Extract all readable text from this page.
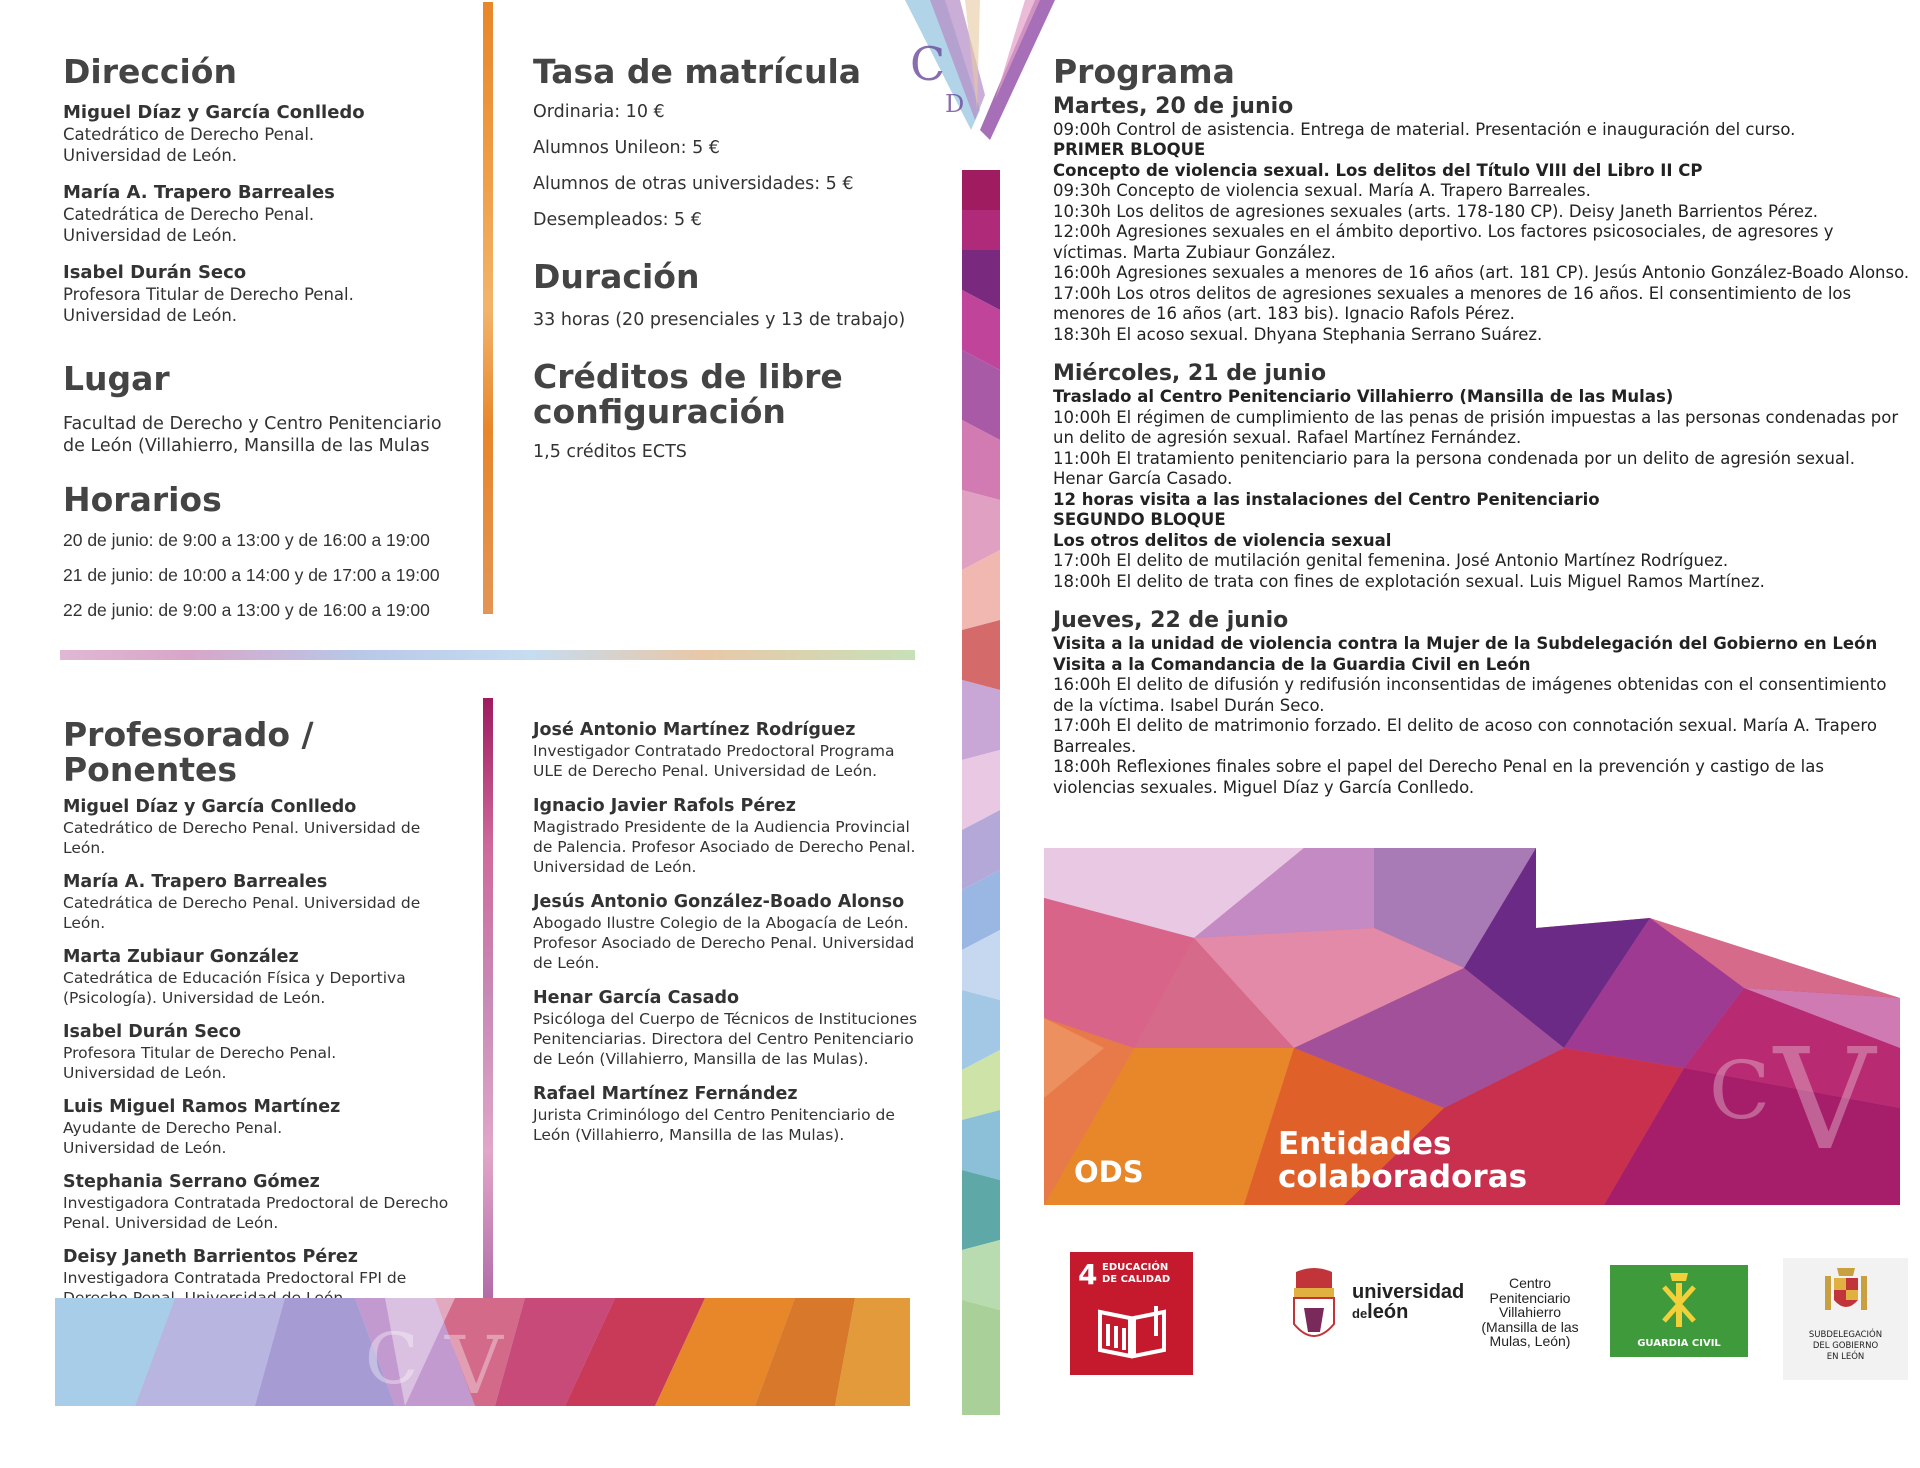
C
D
Dirección
Miguel Díaz y García Conlledo
Catedrático de Derecho Penal.
Universidad de León.
María A. Trapero Barreales
Catedrática de Derecho Penal.
Universidad de León.
Isabel Durán Seco
Profesora Titular de Derecho Penal.
Universidad de León.
Lugar
Facultad de Derecho y Centro Penitenciario
de León (Villahierro, Mansilla de las Mulas
Horarios
20 de junio: de 9:00 a 13:00 y de 16:00 a 19:00
21 de junio: de 10:00 a 14:00 y de 17:00 a 19:00
22 de junio: de 9:00 a 13:00 y de 16:00 a 19:00
Tasa de matrícula
Ordinaria: 10 €
Alumnos Unileon: 5 €
Alumnos de otras universidades: 5 €
Desempleados: 5 €
Duración
33 horas (20 presenciales y 13 de trabajo)
Créditos de libre
configuración
1,5 créditos ECTS
Profesorado / Ponentes
Miguel Díaz y García Conlledo
Catedrático de Derecho Penal. Universidad de
León.
María A. Trapero Barreales
Catedrática de Derecho Penal. Universidad de
León.
Marta Zubiaur González
Catedrática de Educación Física y Deportiva
(Psicología). Universidad de León.
Isabel Durán Seco
Profesora Titular de Derecho Penal.
Universidad de León.
Luis Miguel Ramos Martínez
Ayudante de Derecho Penal.
Universidad de León.
Stephania Serrano Gómez
Investigadora Contratada Predoctoral de Derecho
Penal. Universidad de León.
Deisy Janeth Barrientos Pérez
Investigadora Contratada Predoctoral FPI de
José Antonio Martínez Rodríguez
Investigador Contratado Predoctoral Programa
ULE de Derecho Penal. Universidad de León.
Ignacio Javier Rafols Pérez
Magistrado Presidente de la Audiencia Provincial
de Palencia. Profesor Asociado de Derecho Penal.
Universidad de León.
Jesús Antonio González-Boado Alonso
Abogado Ilustre Colegio de la Abogacía de León.
Profesor Asociado de Derecho Penal. Universidad
de León.
Henar García Casado
Psicóloga del Cuerpo de Técnicos de Instituciones
Penitenciarias. Directora del Centro Penitenciario
de León (Villahierro, Mansilla de las Mulas).
Rafael Martínez Fernández
Jurista Criminólogo del Centro Penitenciario de
León (Villahierro, Mansilla de las Mulas).
C V
Programa
Martes, 20 de junio
09:00h Control de asistencia. Entrega de material. Presentación e inauguración del curso.
PRIMER BLOQUE
Concepto de violencia sexual. Los delitos del Título VIII del Libro II CP
09:30h Concepto de violencia sexual. María A. Trapero Barreales.
10:30h Los delitos de agresiones sexuales (arts. 178-180 CP). Deisy Janeth Barrientos Pérez.
12:00h Agresiones sexuales en el ámbito deportivo. Los factores psicosociales, de agresores y
víctimas. Marta Zubiaur González.
16:00h Agresiones sexuales a menores de 16 años (art. 181 CP). Jesús Antonio González-Boado Alonso.
17:00h Los otros delitos de agresiones sexuales a menores de 16 años. El consentimiento de los
menores de 16 años (art. 183 bis). Ignacio Rafols Pérez.
18:30h El acoso sexual. Dhyana Stephania Serrano Suárez.
Miércoles, 21 de junio
Traslado al Centro Penitenciario Villahierro (Mansilla de las Mulas)
10:00h El régimen de cumplimiento de las penas de prisión impuestas a las personas condenadas por
un delito de agresión sexual. Rafael Martínez Fernández.
11:00h El tratamiento penitenciario para la persona condenada por un delito de agresión sexual.
Henar García Casado.
12 horas visita a las instalaciones del Centro Penitenciario
SEGUNDO BLOQUE
Los otros delitos de violencia sexual
17:00h El delito de mutilación genital femenina. José Antonio Martínez Rodríguez.
18:00h El delito de trata con fines de explotación sexual. Luis Miguel Ramos Martínez.
Jueves, 22 de junio
Visita a la unidad de violencia contra la Mujer de la Subdelegación del Gobierno en León
Visita a la Comandancia de la Guardia Civil en León
16:00h El delito de difusión y redifusión inconsentidas de imágenes obtenidas con el consentimiento
de la víctima. Isabel Durán Seco.
17:00h El delito de matrimonio forzado. El delito de acoso con connotación sexual. María A. Trapero
Barreales.
18:00h Reflexiones finales sobre el papel del Derecho Penal en la prevención y castigo de las
violencias sexuales. Miguel Díaz y García Conlledo.
C V
ODS
Entidades
colaboradoras
4 EDUCACIÓN
DE CALIDAD
universidad
deleón
Centro
Penitenciario
Villahierro
(Mansilla de las
Mulas, León)	GUARDIA CIVIL
SUBDELEGACIÓN
DEL GOBIERNO
EN LEÓN
